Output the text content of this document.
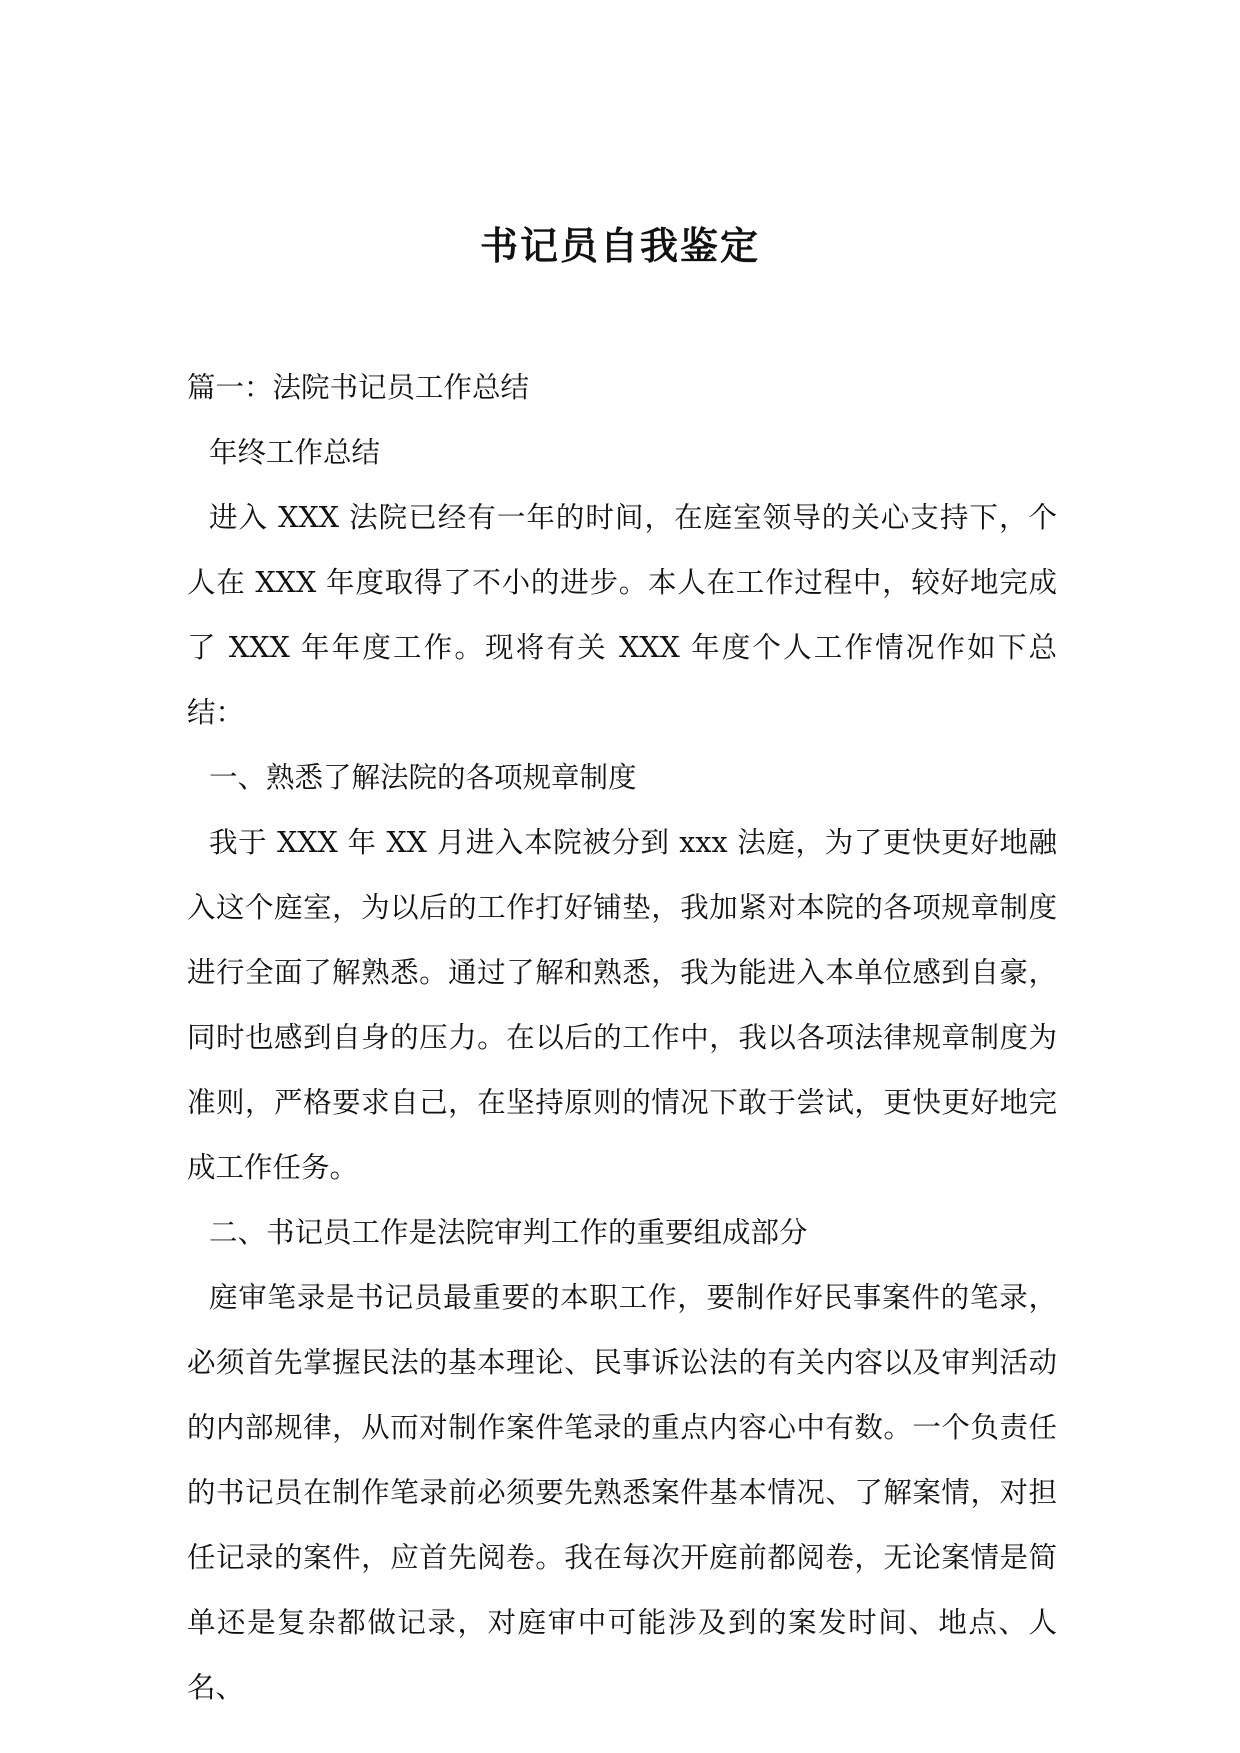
书记员自我鉴定

篇一：法院书记员工作总结

年终工作总结

进入 XXX 法院已经有一年的时间，在庭室领导的关心支持下，个人在 XXX 年度取得了不小的进步。本人在工作过程中，较好地完成了 XXX 年年度工作。现将有关 XXX 年度个人工作情况作如下总结：

一、熟悉了解法院的各项规章制度

我于 XXX 年 XX 月进入本院被分到 xxx 法庭，为了更快更好地融入这个庭室，为以后的工作打好铺垫，我加紧对本院的各项规章制度进行全面了解熟悉。通过了解和熟悉，我为能进入本单位感到自豪，同时也感到自身的压力。在以后的工作中，我以各项法律规章制度为准则，严格要求自己，在坚持原则的情况下敢于尝试，更快更好地完成工作任务。

二、书记员工作是法院审判工作的重要组成部分

庭审笔录是书记员最重要的本职工作，要制作好民事案件的笔录，必须首先掌握民法的基本理论、民事诉讼法的有关内容以及审判活动的内部规律，从而对制作案件笔录的重点内容心中有数。一个负责任的书记员在制作笔录前必须要先熟悉案件基本情况、了解案情，对担任记录的案件，应首先阅卷。我在每次开庭前都阅卷，无论案情是简单还是复杂都做记录，对庭审中可能涉及到的案发时间、地点、人名、
